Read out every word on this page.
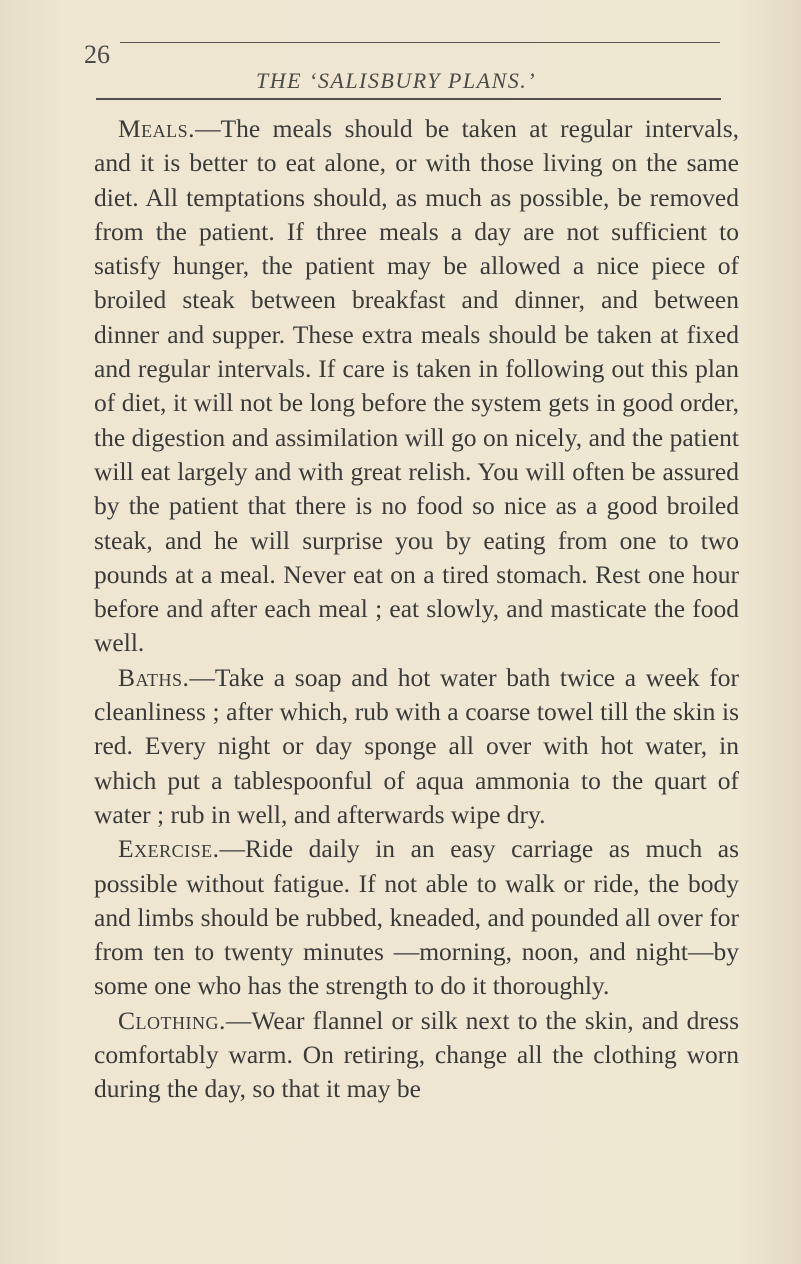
26
THE ‘SALISBURY PLANS.’

Meals.—The meals should be taken at regular intervals, and it is better to eat alone, or with those living on the same diet. All temptations should, as much as possible, be removed from the patient. If three meals a day are not sufficient to satisfy hunger, the patient may be allowed a nice piece of broiled steak between breakfast and dinner, and between dinner and supper. These extra meals should be taken at fixed and regular intervals. If care is taken in following out this plan of diet, it will not be long before the system gets in good order, the digestion and assimilation will go on nicely, and the patient will eat largely and with great relish. You will often be assured by the patient that there is no food so nice as a good broiled steak, and he will surprise you by eating from one to two pounds at a meal. Never eat on a tired stomach. Rest one hour before and after each meal ; eat slowly, and masticate the food well.

Baths.—Take a soap and hot water bath twice a week for cleanliness ; after which, rub with a coarse towel till the skin is red. Every night or day sponge all over with hot water, in which put a tablespoonful of aqua ammonia to the quart of water ; rub in well, and afterwards wipe dry.

Exercise.—Ride daily in an easy carriage as much as possible without fatigue. If not able to walk or ride, the body and limbs should be rubbed, kneaded, and pounded all over for from ten to twenty minutes —morning, noon, and night—by some one who has the strength to do it thoroughly.

Clothing.—Wear flannel or silk next to the skin, and dress comfortably warm. On retiring, change all the clothing worn during the day, so that it may be
